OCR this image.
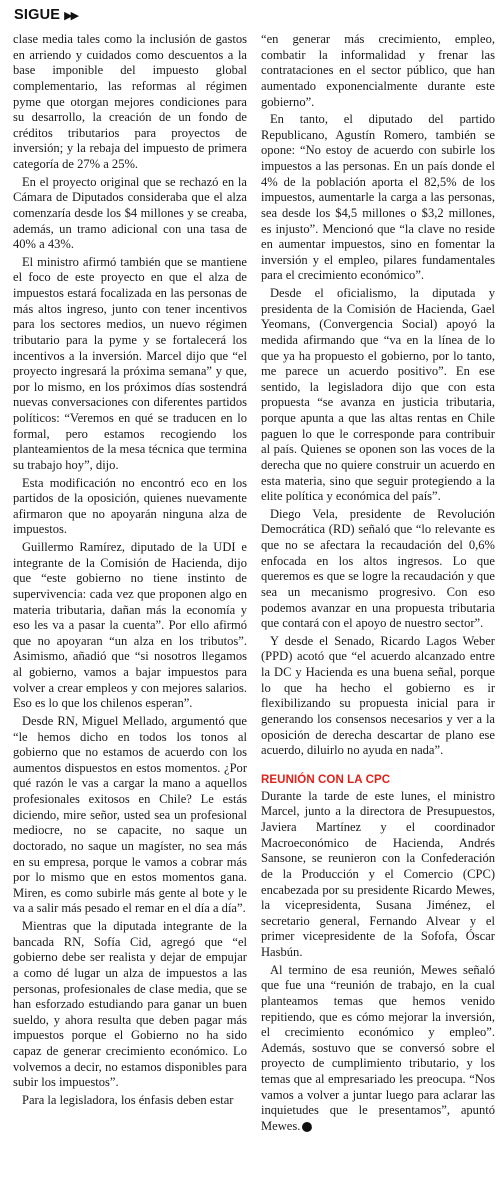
SIGUE ▶▶

clase media tales como la inclusión de gastos en arriendo y cuidados como descuentos a la base imponible del impuesto global complementario, las reformas al régimen pyme que otorgan mejores condiciones para su desarrollo, la creación de un fondo de créditos tributarios para proyectos de inversión; y la rebaja del impuesto de primera categoría de 27% a 25%.

En el proyecto original que se rechazó en la Cámara de Diputados consideraba que el alza comenzaría desde los $4 millones y se creaba, además, un tramo adicional con una tasa de 40% a 43%.

El ministro afirmó también que se mantiene el foco de este proyecto en que el alza de impuestos estará focalizada en las personas de más altos ingreso, junto con tener incentivos para los sectores medios, un nuevo régimen tributario para la pyme y se fortalecerá los incentivos a la inversión. Marcel dijo que “el proyecto ingresará la próxima semana” y que, por lo mismo, en los próximos días sostendrá nuevas conversaciones con diferentes partidos políticos: “Veremos en qué se traducen en lo formal, pero estamos recogiendo los planteamientos de la mesa técnica que termina su trabajo hoy”, dijo.

Esta modificación no encontró eco en los partidos de la oposición, quienes nuevamente afirmaron que no apoyarán ninguna alza de impuestos.

Guillermo Ramírez, diputado de la UDI e integrante de la Comisión de Hacienda, dijo que “este gobierno no tiene instinto de supervivencia: cada vez que proponen algo en materia tributaria, dañan más la economía y eso les va a pasar la cuenta”. Por ello afirmó que no apoyaran “un alza en los tributos”. Asimismo, añadió que “si nosotros llegamos al gobierno, vamos a bajar impuestos para volver a crear empleos y con mejores salarios. Eso es lo que los chilenos esperan”.

Desde RN, Miguel Mellado, argumentó que “le hemos dicho en todos los tonos al gobierno que no estamos de acuerdo con los aumentos dispuestos en estos momentos. ¿Por qué razón le vas a cargar la mano a aquellos profesionales exitosos en Chile? Le estás diciendo, mire señor, usted sea un profesional mediocre, no se capacite, no saque un doctorado, no saque un magíster, no sea más en su empresa, porque le vamos a cobrar más por lo mismo que en estos momentos gana. Miren, es como subirle más gente al bote y le va a salir más pesado el remar en el día a día”.

Mientras que la diputada integrante de la bancada RN, Sofía Cid, agregó que “el gobierno debe ser realista y dejar de empujar a como dé lugar un alza de impuestos a las personas, profesionales de clase media, que se han esforzado estudiando para ganar un buen sueldo, y ahora resulta que deben pagar más impuestos porque el Gobierno no ha sido capaz de generar crecimiento económico. Lo volvemos a decir, no estamos disponibles para subir los impuestos”.

Para la legisladora, los énfasis deben estar

“en generar más crecimiento, empleo, combatir la informalidad y frenar las contrataciones en el sector público, que han aumentado exponencialmente durante este gobierno”.

En tanto, el diputado del partido Republicano, Agustín Romero, también se opone: “No estoy de acuerdo con subirle los impuestos a las personas. En un país donde el 4% de la población aporta el 82,5% de los impuestos, aumentarle la carga a las personas, sea desde los $4,5 millones o $3,2 millones, es injusto”. Mencionó que “la clave no reside en aumentar impuestos, sino en fomentar la inversión y el empleo, pilares fundamentales para el crecimiento económico”.

Desde el oficialismo, la diputada y presidenta de la Comisión de Hacienda, Gael Yeomans, (Convergencia Social) apoyó la medida afirmando que “va en la línea de lo que ya ha propuesto el gobierno, por lo tanto, me parece un acuerdo positivo”. En ese sentido, la legisladora dijo que con esta propuesta “se avanza en justicia tributaria, porque apunta a que las altas rentas en Chile paguen lo que le corresponde para contribuir al país. Quienes se oponen son las voces de la derecha que no quiere construir un acuerdo en esta materia, sino que seguir protegiendo a la elite política y económica del país”.

Diego Vela, presidente de Revolución Democrática (RD) señaló que “lo relevante es que no se afectara la recaudación del 0,6% enfocada en los altos ingresos. Lo que queremos es que se logre la recaudación y que sea un mecanismo progresivo. Con eso podemos avanzar en una propuesta tributaria que contará con el apoyo de nuestro sector”.

Y desde el Senado, Ricardo Lagos Weber (PPD) acotó que “el acuerdo alcanzado entre la DC y Hacienda es una buena señal, porque lo que ha hecho el gobierno es ir flexibilizando su propuesta inicial para ir generando los consensos necesarios y ver a la oposición de derecha descartar de plano ese acuerdo, diluirlo no ayuda en nada”.

REUNIÓN CON LA CPC

Durante la tarde de este lunes, el ministro Marcel, junto a la directora de Presupuestos, Javiera Martínez y el coordinador Macroeconómico de Hacienda, Andrés Sansone, se reunieron con la Confederación de la Producción y el Comercio (CPC) encabezada por su presidente Ricardo Mewes, la vicepresidenta, Susana Jiménez, el secretario general, Fernando Alvear y el primer vicepresidente de la Sofofa, Óscar Hasbún.

Al termino de esa reunión, Mewes señaló que fue una “reunión de trabajo, en la cual planteamos temas que hemos venido repitiendo, que es cómo mejorar la inversión, el crecimiento económico y empleo”. Además, sostuvo que se conversó sobre el proyecto de cumplimiento tributario, y los temas que al empresariado les preocupa. “Nos vamos a volver a juntar luego para aclarar las inquietudes que le presentamos”, apuntó Mewes. ✪
